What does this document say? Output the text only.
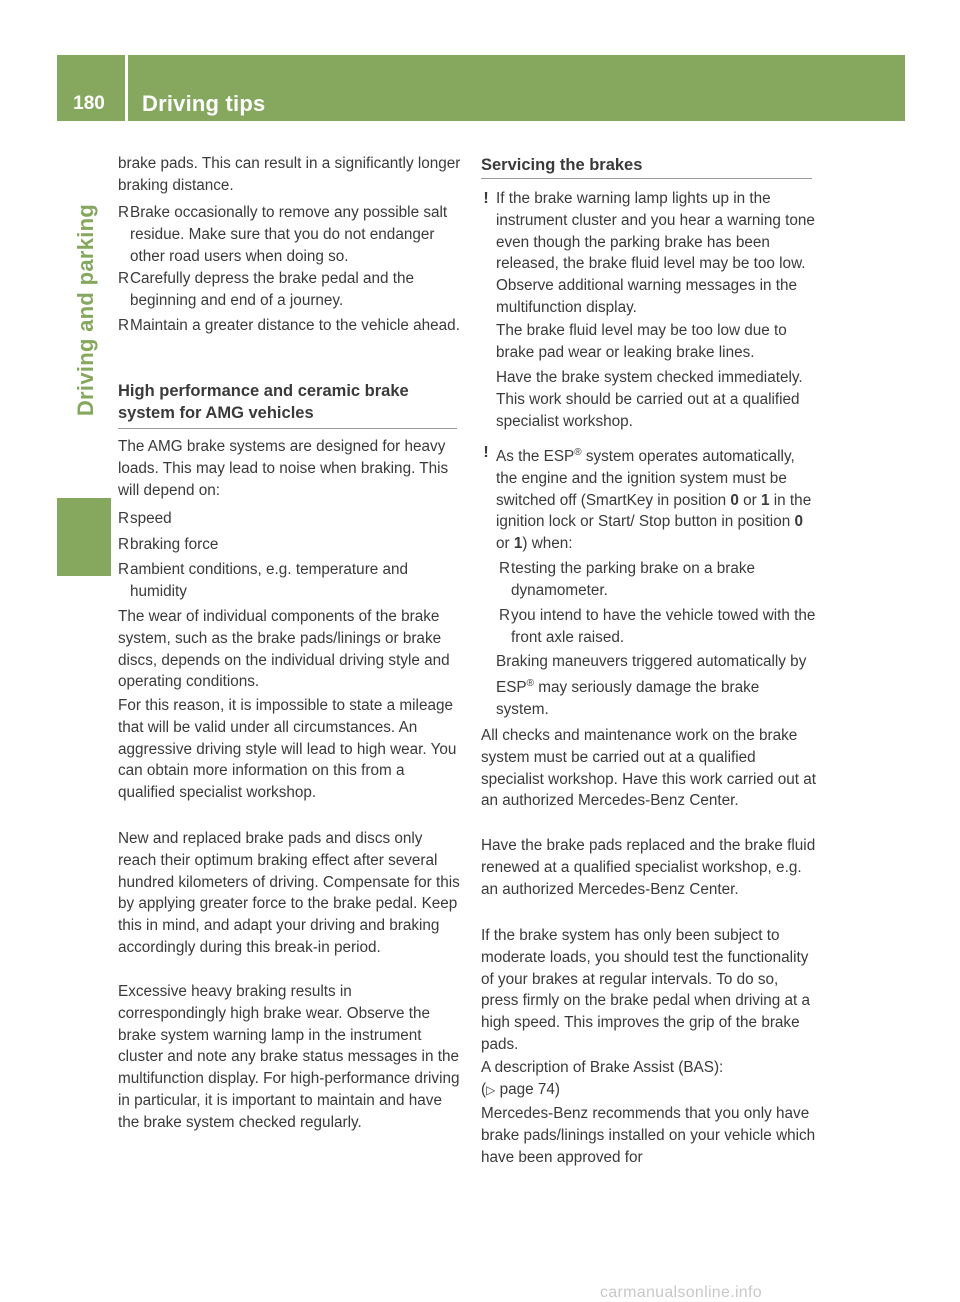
180	Driving tips
Driving and parking

brake pads. This can result in a significantly longer braking distance.

R Brake occasionally to remove any possible salt residue. Make sure that you do not endanger other road users when doing so.
R Carefully depress the brake pedal and the beginning and end of a journey.
R Maintain a greater distance to the vehicle ahead.
High performance and ceramic brake system for AMG vehicles

The AMG brake systems are designed for heavy loads. This may lead to noise when braking. This will depend on:

R speed
R braking force
R ambient conditions, e.g. temperature and humidity

The wear of individual components of the brake system, such as the brake pads/linings or brake discs, depends on the individual driving style and operating conditions.

For this reason, it is impossible to state a mileage that will be valid under all circumstances. An aggressive driving style will lead to high wear. You can obtain more information on this from a qualified specialist workshop.

New and replaced brake pads and discs only reach their optimum braking effect after several hundred kilometers of driving. Compensate for this by applying greater force to the brake pedal. Keep this in mind, and adapt your driving and braking accordingly during this break-in period.

Excessive heavy braking results in correspondingly high brake wear. Observe the brake system warning lamp in the instrument cluster and note any brake status messages in the multifunction display. For high-performance driving in particular, it is important to maintain and have the brake system checked regularly.

Servicing the brakes
! If the brake warning lamp lights up in the instrument cluster and you hear a warning tone even though the parking brake has been released, the brake fluid level may be too low. Observe additional warning messages in the multifunction display.

The brake fluid level may be too low due to brake pad wear or leaking brake lines.

Have the brake system checked immediately. This work should be carried out at a qualified specialist workshop.

! As the ESP® system operates automatically, the engine and the ignition system must be switched off (SmartKey in position 0 or 1 in the ignition lock or Start/ Stop button in position 0 or 1) when:

R testing the parking brake on a brake dynamometer.
R you intend to have the vehicle towed with the front axle raised.

Braking maneuvers triggered automatically by ESP® may seriously damage the brake system.

All checks and maintenance work on the brake system must be carried out at a qualified specialist workshop. Have this work carried out at an authorized Mercedes-Benz Center.

Have the brake pads replaced and the brake fluid renewed at a qualified specialist workshop, e.g. an authorized Mercedes-Benz Center.

If the brake system has only been subject to moderate loads, you should test the functionality of your brakes at regular intervals. To do so, press firmly on the brake pedal when driving at a high speed. This improves the grip of the brake pads.

A description of Brake Assist (BAS):

(▷ page 74)

Mercedes-Benz recommends that you only have brake pads/linings installed on your vehicle which have been approved for

carmanualsonline.info
